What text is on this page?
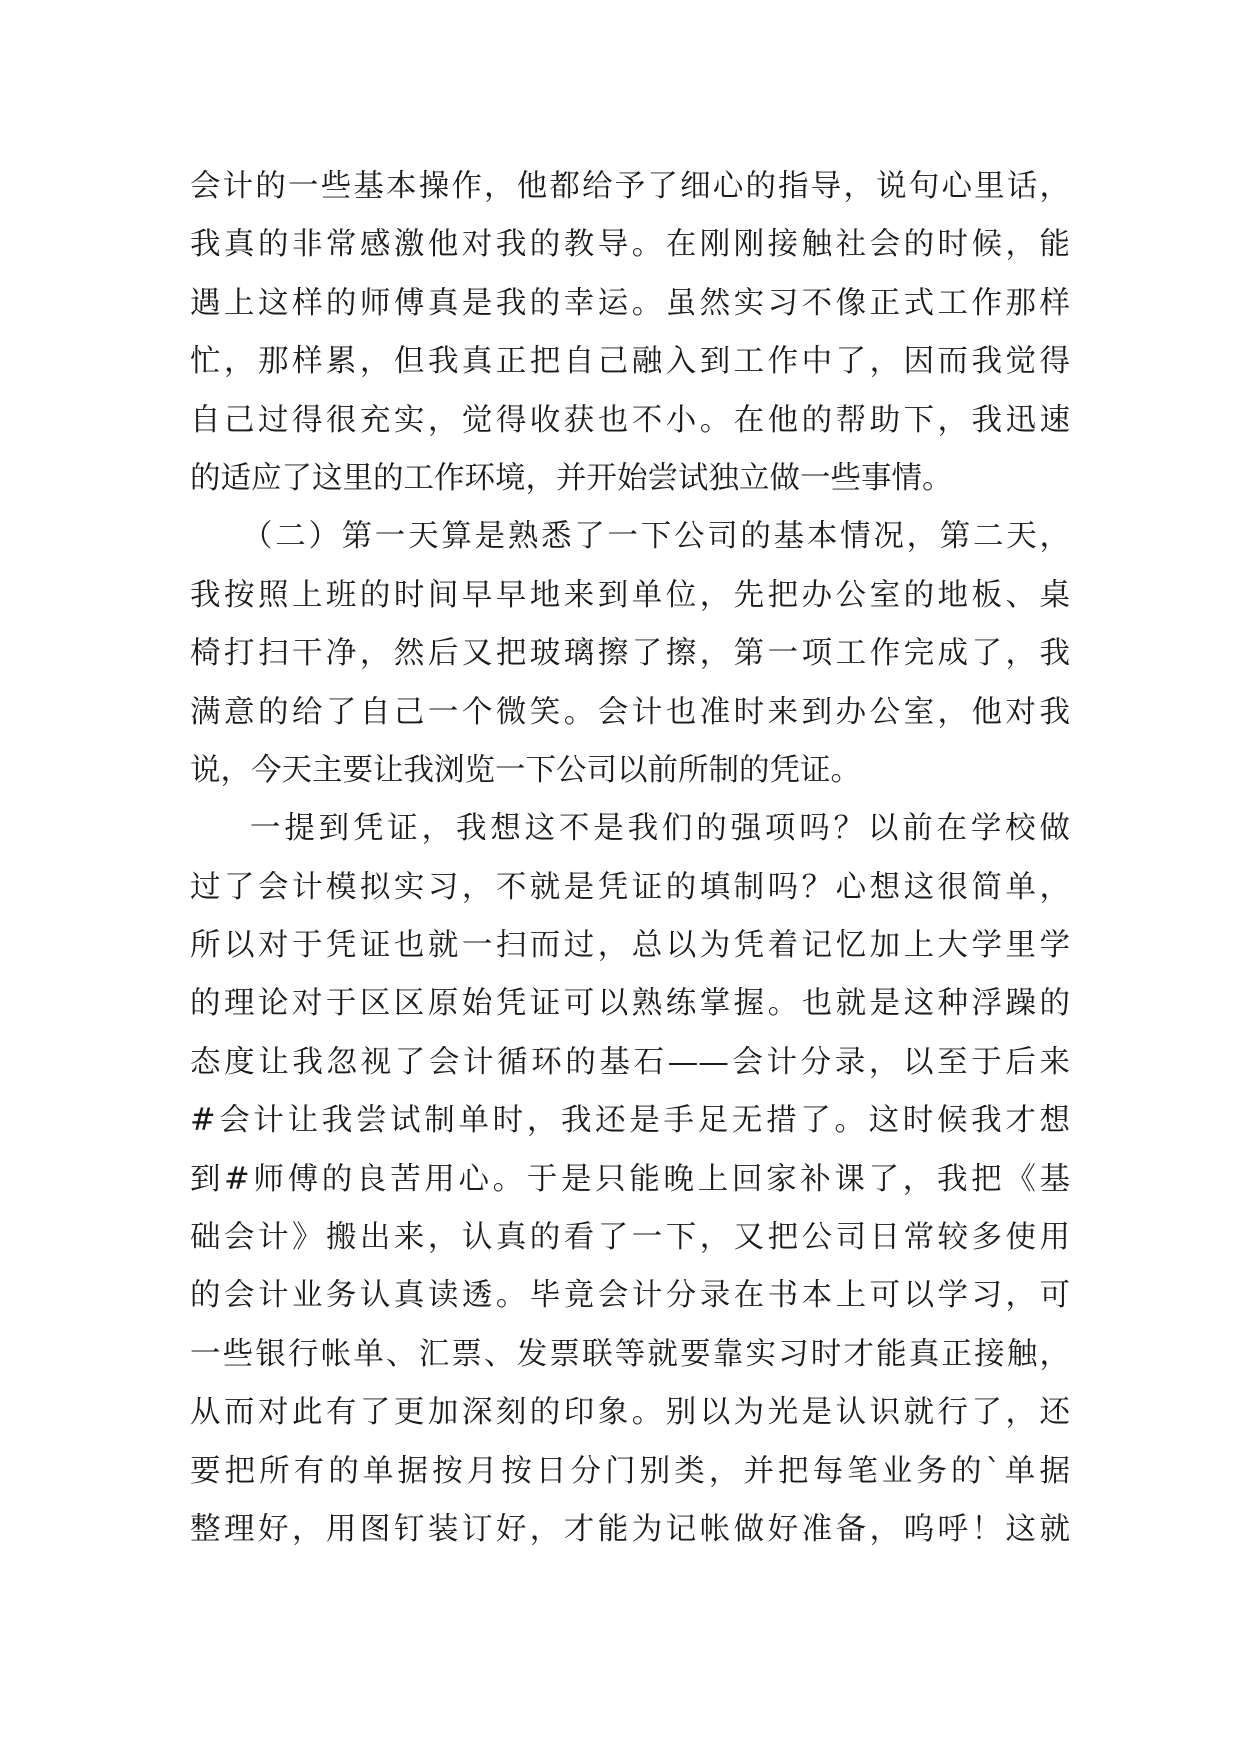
会计的一些基本操作，他都给予了细心的指导，说句心里话，
我真的非常感激他对我的教导。在刚刚接触社会的时候，能
遇上这样的师傅真是我的幸运。虽然实习不像正式工作那样
忙，那样累，但我真正把自己融入到工作中了，因而我觉得
自己过得很充实，觉得收获也不小。在他的帮助下，我迅速
的适应了这里的工作环境，并开始尝试独立做一些事情。
（二）第一天算是熟悉了一下公司的基本情况，第二天，
我按照上班的时间早早地来到单位，先把办公室的地板、桌
椅打扫干净，然后又把玻璃擦了擦，第一项工作完成了，我
满意的给了自己一个微笑。会计也准时来到办公室，他对我
说，今天主要让我浏览一下公司以前所制的凭证。
一提到凭证，我想这不是我们的强项吗？以前在学校做
过了会计模拟实习，不就是凭证的填制吗？心想这很简单，
所以对于凭证也就一扫而过，总以为凭着记忆加上大学里学
的理论对于区区原始凭证可以熟练掌握。也就是这种浮躁的
态度让我忽视了会计循环的基石——会计分录，以至于后来
#会计让我尝试制单时，我还是手足无措了。这时候我才想
到#师傅的良苦用心。于是只能晚上回家补课了，我把《基
础会计》搬出来，认真的看了一下，又把公司日常较多使用
的会计业务认真读透。毕竟会计分录在书本上可以学习，可
一些银行帐单、汇票、发票联等就要靠实习时才能真正接触，
从而对此有了更加深刻的印象。别以为光是认识就行了，还
要把所有的单据按月按日分门别类，并把每笔业务的`单据
整理好，用图钉装订好，才能为记帐做好准备，呜呼！这就
